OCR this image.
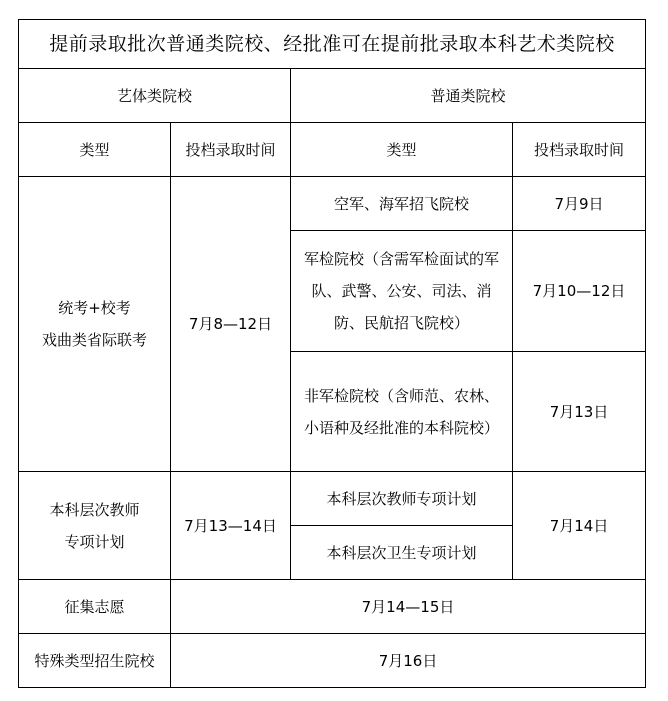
提前录取批次普通类院校、经批准可在提前批录取本科艺术类院校			
艺体类院校		普通类院校	
类型	投档录取时间	类型	投档录取时间

统考+校考
戏曲类省际联考	7月8—12日	空军、海军招飞院校	7月9日
		军检院校（含需军检面试的军队、武警、公安、司法、消防、民航招飞院校）	7月10—12日
		非军检院校（含师范、农林、小语种及经批准的本科院校）	7月13日

本科层次教师
专项计划	7月13—14日	本科层次教师专项计划	7月14日
		本科层次卫生专项计划	
征集志愿	7月14—15日		
特殊类型招生院校	7月16日		
